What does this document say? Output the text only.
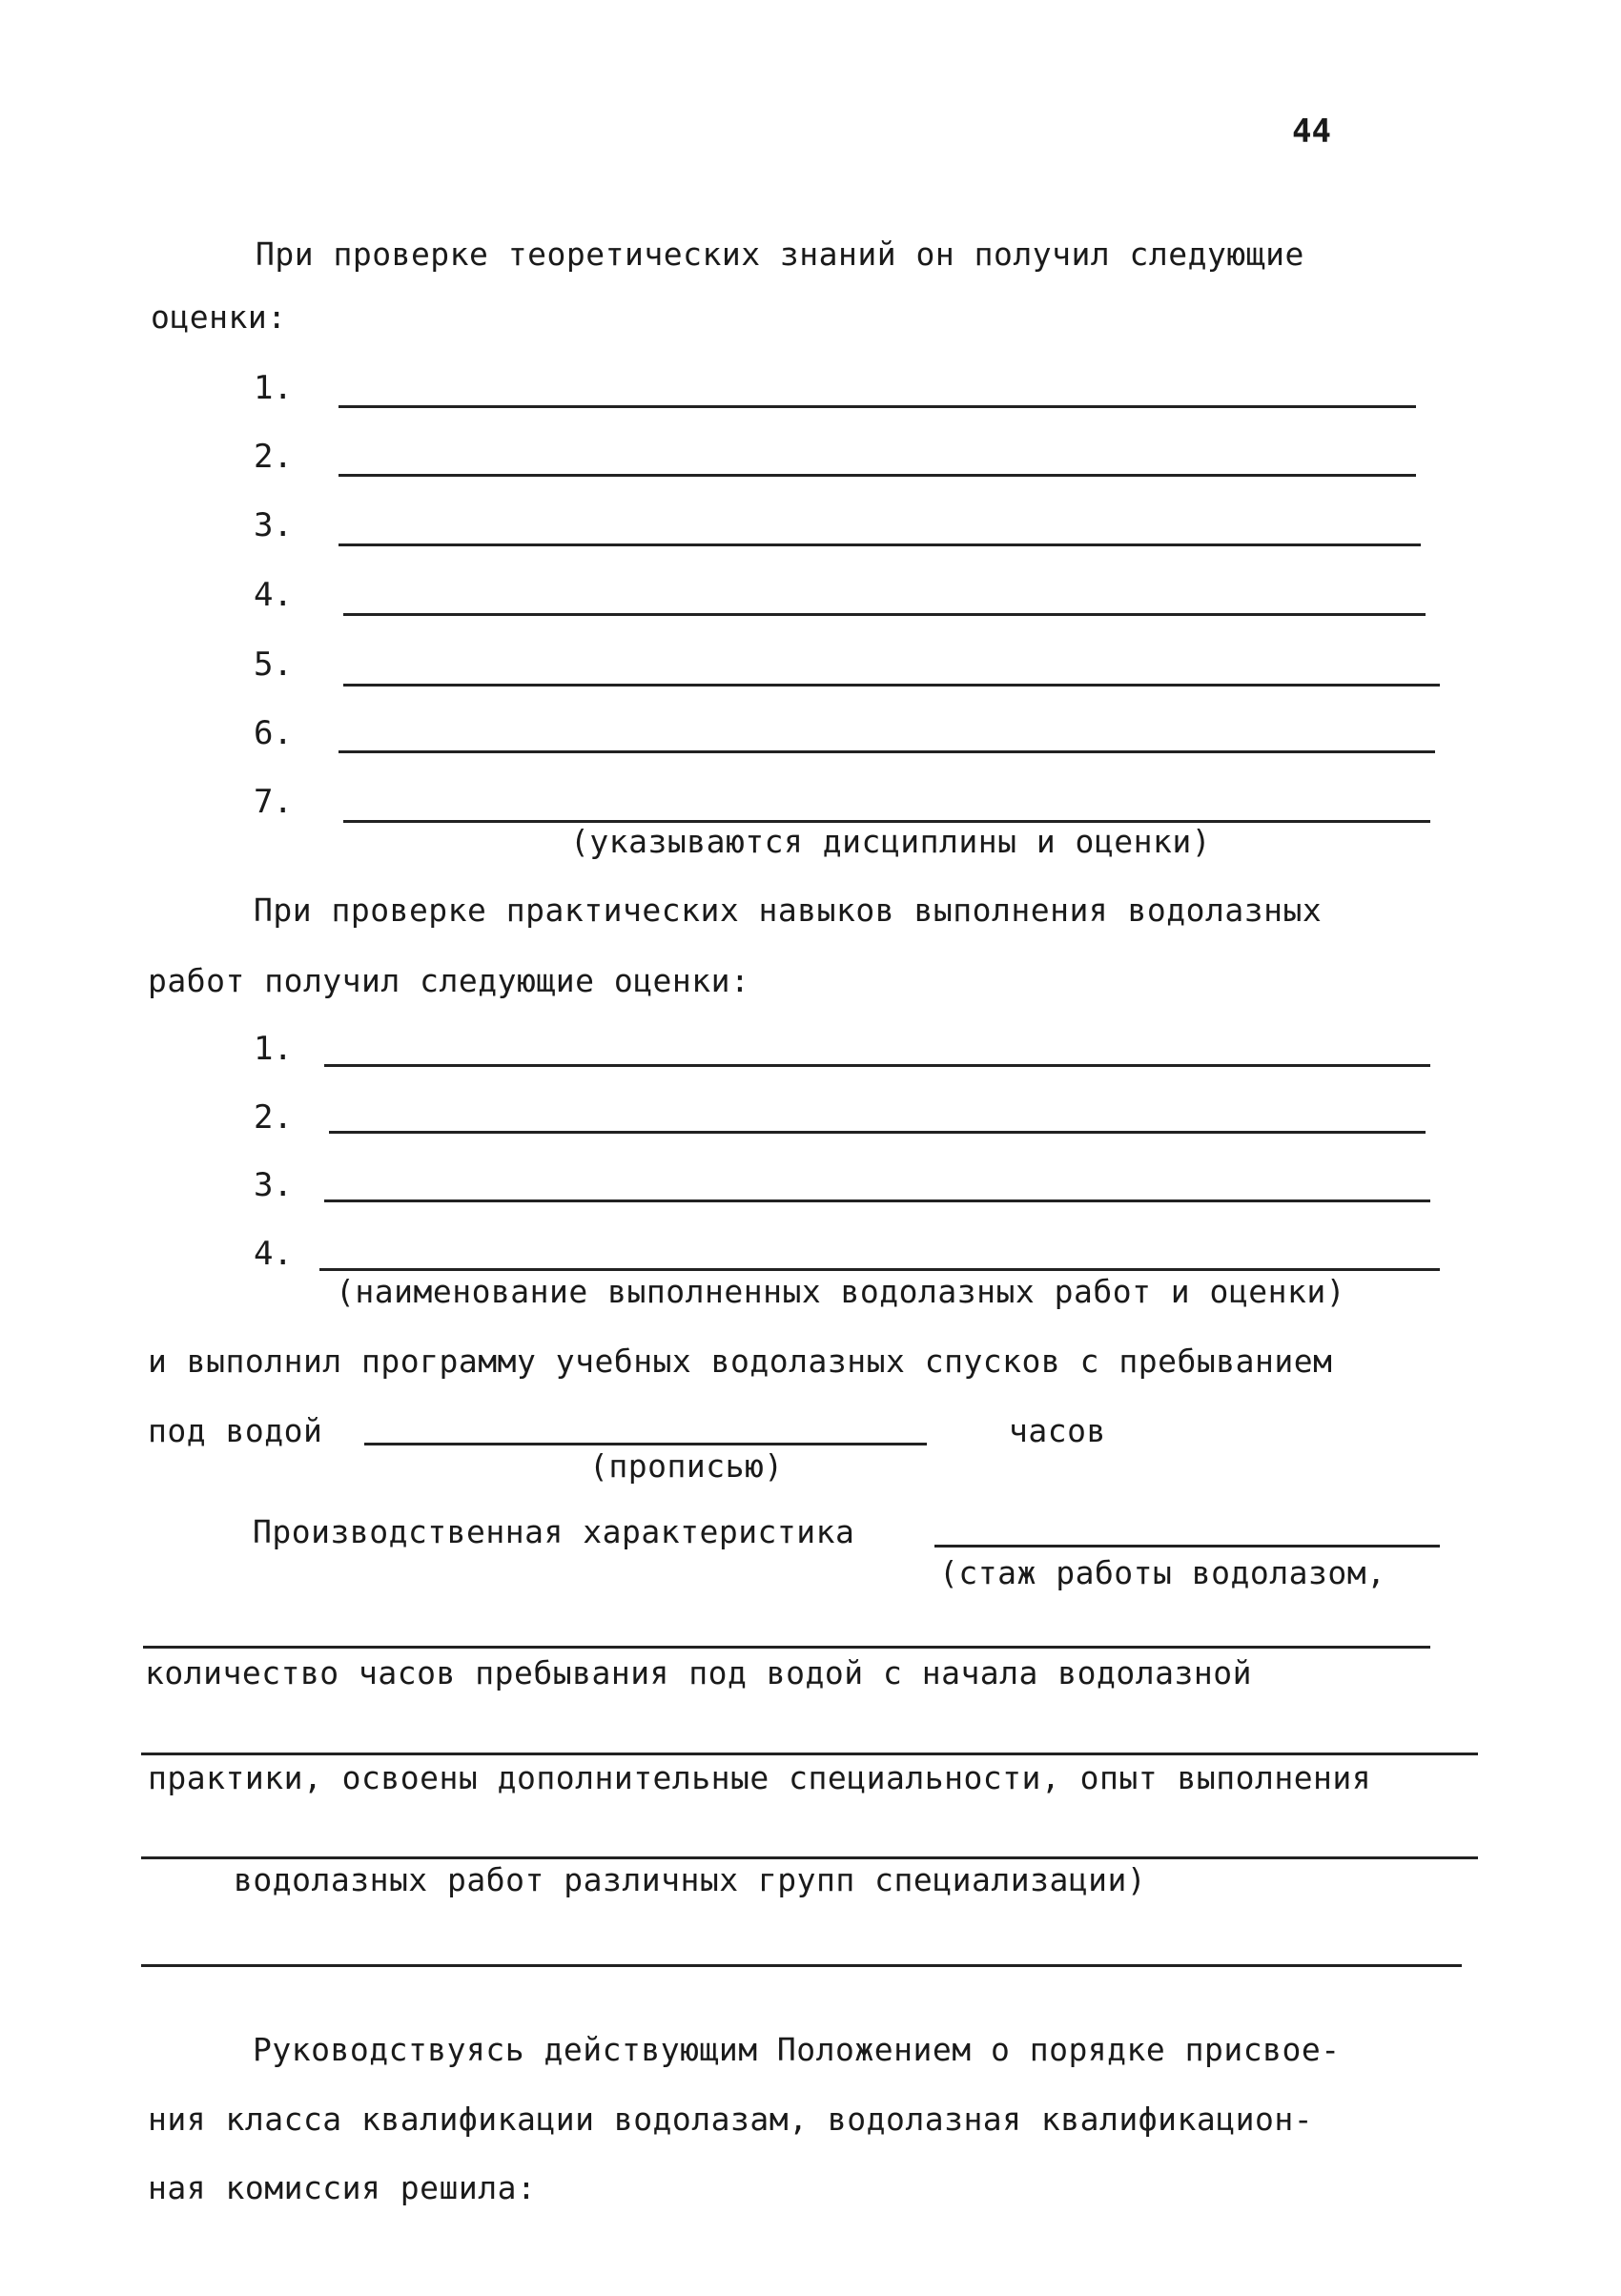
44
При проверке теоретических знаний он получил следующие
оценки:
1.
2.
3.
4.
5.
6.
7.
(указываются дисциплины и оценки)
При проверке практических навыков выполнения водолазных
работ получил следующие оценки:
1.
2.
3.
4.
(наименование выполненных водолазных работ и оценки)
и выполнил программу учебных водолазных спусков с пребыванием
под водой	часов
(прописью)
Производственная характеристика
(стаж работы водолазом,
количество часов пребывания под водой с начала водолазной
практики, освоены дополнительные специальности, опыт выполнения
водолазных работ различных групп специализации)
Руководствуясь действующим Положением о порядке присвое-
ния класса квалификации водолазам, водолазная квалификацион-
ная комиссия решила:
